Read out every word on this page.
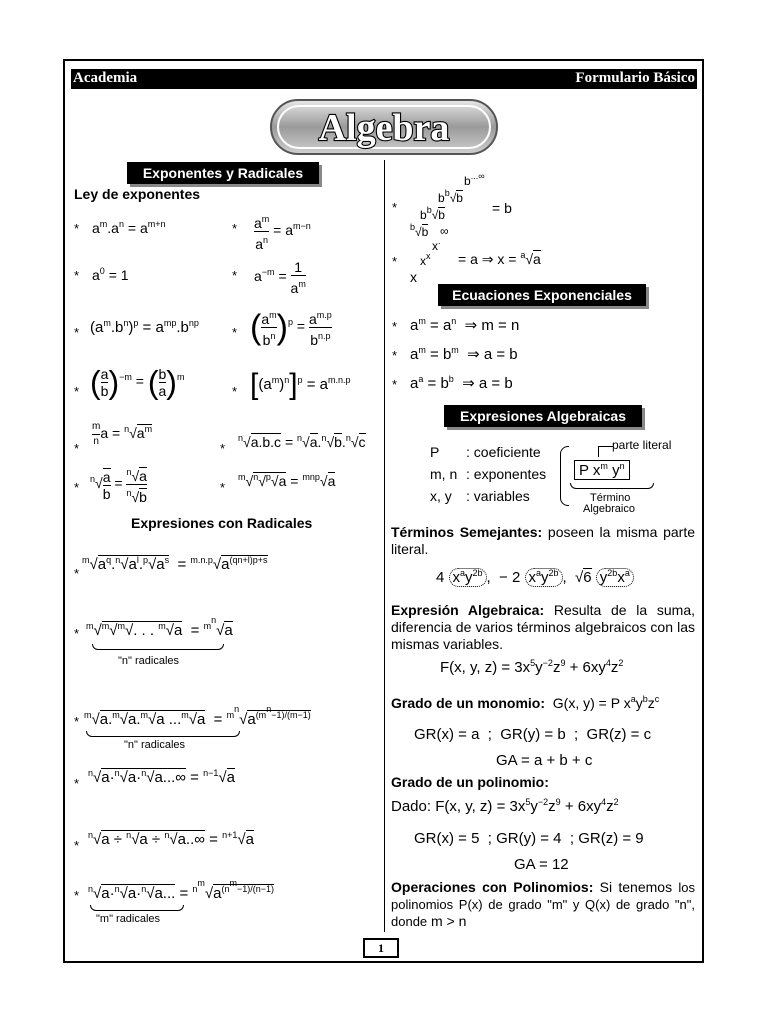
Academia	Formulario Básico
Algebra
Exponentes y Radicales
Ley de exponentes
* $a^m.a^n = a^{m+n}$	* $\frac{a^m}{a^n} = a^{m-n}$
* $a^0 = 1$	* $a^{-m} = \frac{1}{a^m}$
* $(a^m.b^n)^p = a^{mp}.b^{np}$
* ( $\frac{a^m}{b^n} )^p = \frac{a^{m.p}}{b^{n.p}}$
* ( $\frac{a}{b} )^{-m}$ = ( $\frac{b}{a} )^m$
* $[(a^m)^n]^p = a^{m.n.p}$
* $\frac{m}{n}$ $a = ^n√a^m$
*
$^n$√a.b.c = $^n$√a.$^n$√b.$^n$√c
*
$^n√ \frac{a}{b} = \frac{^n√a}{^n√b}$	*
$^m$√$^n$√$^p$√a = $^{mnp}$√a
Expresiones con Radicales
*
$^m√a^q.^n√a^l.^p√a^s = ^{m.n.p}√a^{(qn+l)p+s}$
* $^m$√$^m$√$^m$√. . . $^m$√a  = $^{m^n}$√a
"n" radicales
* $^m$√a.$^m$√a.$^m$√a $...^m√a = ^{m^n}√a^{(m^n-1)/(m-1)}$
"n" radicales
*
$^n$√a·$^n$√a·$^n$√a...∞ = $^{n-1}$√a
*
$^n$√a ÷ $^n$√a ÷ $^n$√a..∞ = $^{n+1}$√a
* $^n$√a·$^n$√a·$^n$√a... = $^{n^m}√a^{(n^m-1)/(n-1)}$
"m" radicales
*
b...∞
$b^b√b$
$b^b√b$
$^b$√b
= b
*
∞
x.
$x^x$
x
= a ⇒ x = $^a$√a
Ecuaciones Exponenciales
* $a^m = a^n$  ⇒ m = n
* $a^m = b^m$  ⇒ a = b
* $a^a = b^b$  ⇒ a = b
Expresiones Algebraicas
P : coeficiente
m, n : exponentes
x, y : variables
parte literal
P $x^m$ $y^n$
Término
Algebraico
Términos Semejantes: poseen la misma parte literal.
4 $x^ay^{2b}$ ,  − 2 $x^ay^{2b}$ ,  √6 $y^{2b}x^a$
Expresión Algebraica: Resulta de la suma, diferencia de varios términos algebraicos con las mismas variables.
F(x, y, $z) = 3x^5y^{-2}z^9 + 6xy^4z^2$
Grado de un monomio:  G(x, y) = P $x^ay^bz^c$
GR(x) = a  ;  GR(y) = b  ;  GR(z) = c
GA = a + b + c
Grado de un polinomio:
Dado: F(x, y, $z) = 3x^5y^{-2}z^9 + 6xy^4z^2$
GR(x) = 5  ; GR(y) = 4  ; GR(z) = 9
GA = 12
Operaciones con Polinomios: Si tenemos los polinomios P(x) de grado "m" y Q(x) de grado "n", donde m > n
1
